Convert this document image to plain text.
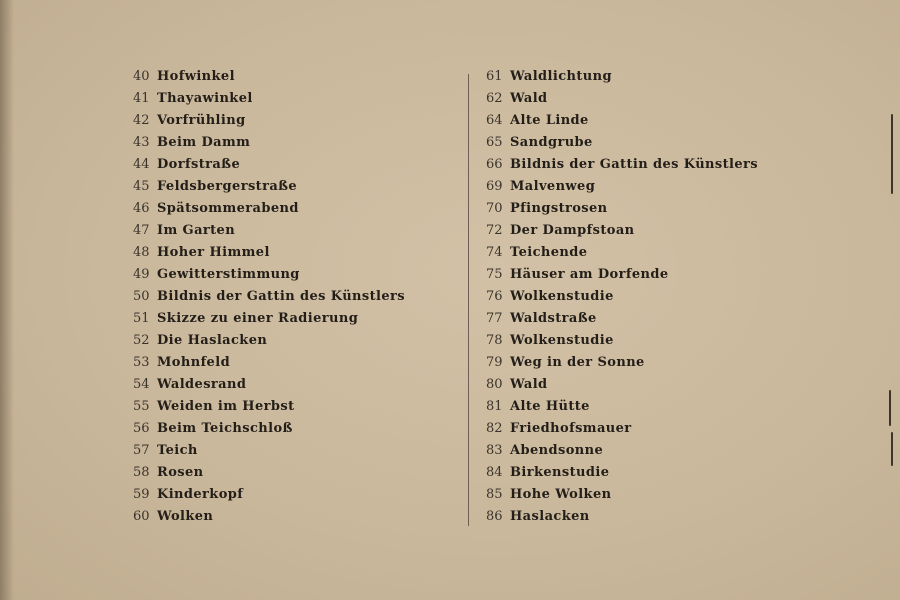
40 Hofwinkel
41 Thayawinkel
42 Vorfrühling
43 Beim Damm
44 Dorfstraße
45 Feldsbergerstraße
46 Spätsommerabend
47 Im Garten
48 Hoher Himmel
49 Gewitterstimmung
50 Bildnis der Gattin des Künstlers
51 Skizze zu einer Radierung
52 Die Haslacken
53 Mohnfeld
54 Waldesrand
55 Weiden im Herbst
56 Beim Teichschloß
57 Teich
58 Rosen
59 Kinderkopf
60 Wolken
61 Waldlichtung
62 Wald
64 Alte Linde
65 Sandgrube
66 Bildnis der Gattin des Künstlers
69 Malvenweg
70 Pfingstrosen
72 Der Dampfstoan
74 Teichende
75 Häuser am Dorfende
76 Wolkenstudie
77 Waldstraße
78 Wolkenstudie
79 Weg in der Sonne
80 Wald
81 Alte Hütte
82 Friedhofsmauer
83 Abendsonne
84 Birkenstudie
85 Hohe Wolken
86 Haslacken
